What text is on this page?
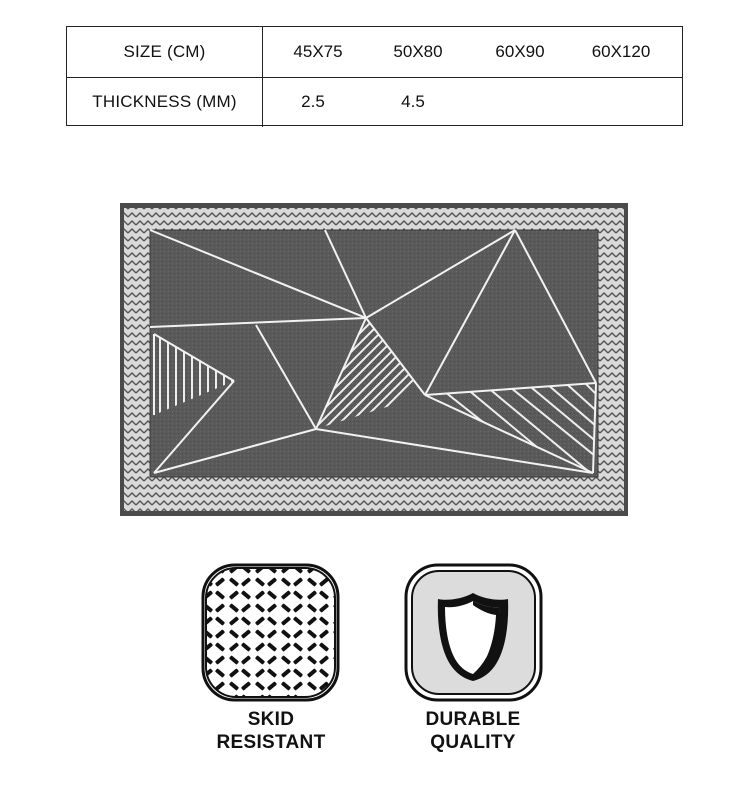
SIZE (CM)	45X75	50X80	60X90	60X120
THICKNESS (MM)	2.5	4.5
SKID
RESISTANT
DURABLE
QUALITY
